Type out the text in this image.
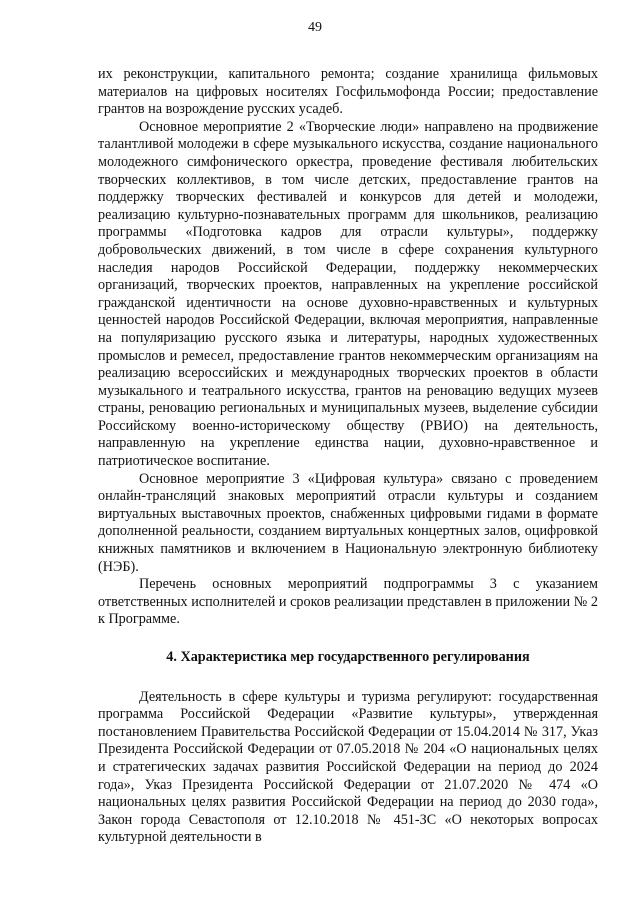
49

их реконструкции, капитального ремонта; создание хранилища фильмовых материалов на цифровых носителях Госфильмофонда России; предоставление грантов на возрождение русских усадеб.

Основное мероприятие 2 «Творческие люди» направлено на продвижение талантливой молодежи в сфере музыкального искусства, создание национального молодежного симфонического оркестра, проведение фестиваля любительских творческих коллективов, в том числе детских, предоставление грантов на поддержку творческих фестивалей и конкурсов для детей и молодежи, реализацию культурно-познавательных программ для школьников, реализацию программы «Подготовка кадров для отрасли культуры», поддержку добровольческих движений, в том числе в сфере сохранения культурного наследия народов Российской Федерации, поддержку некоммерческих организаций, творческих проектов, направленных на укрепление российской гражданской идентичности на основе духовно-нравственных и культурных ценностей народов Российской Федерации, включая мероприятия, направленные на популяризацию русского языка и литературы, народных художественных промыслов и ремесел, предоставление грантов некоммерческим организациям на реализацию всероссийских и международных творческих проектов в области музыкального и театрального искусства, грантов на реновацию ведущих музеев страны, реновацию региональных и муниципальных музеев, выделение субсидии Российскому военно-историческому обществу (РВИО) на деятельность, направленную на укрепление единства нации, духовно-нравственное и патриотическое воспитание.

Основное мероприятие 3 «Цифровая культура» связано с проведением онлайн-трансляций знаковых мероприятий отрасли культуры и созданием виртуальных выставочных проектов, снабженных цифровыми гидами в формате дополненной реальности, созданием виртуальных концертных залов, оцифровкой книжных памятников и включением в Национальную электронную библиотеку (НЭБ).

Перечень основных мероприятий подпрограммы 3 с указанием ответственных исполнителей и сроков реализации представлен в приложении № 2 к Программе.

4. Характеристика мер государственного регулирования

Деятельность в сфере культуры и туризма регулируют: государственная программа Российской Федерации «Развитие культуры», утвержденная постановлением Правительства Российской Федерации от 15.04.2014 № 317, Указ Президента Российской Федерации от 07.05.2018 № 204 «О национальных целях и стратегических задачах развития Российской Федерации на период до 2024 года», Указ Президента Российской Федерации от 21.07.2020 № 474 «О национальных целях развития Российской Федерации на период до 2030 года», Закон города Севастополя от 12.10.2018 № 451-ЗС «О некоторых вопросах культурной деятельности в
